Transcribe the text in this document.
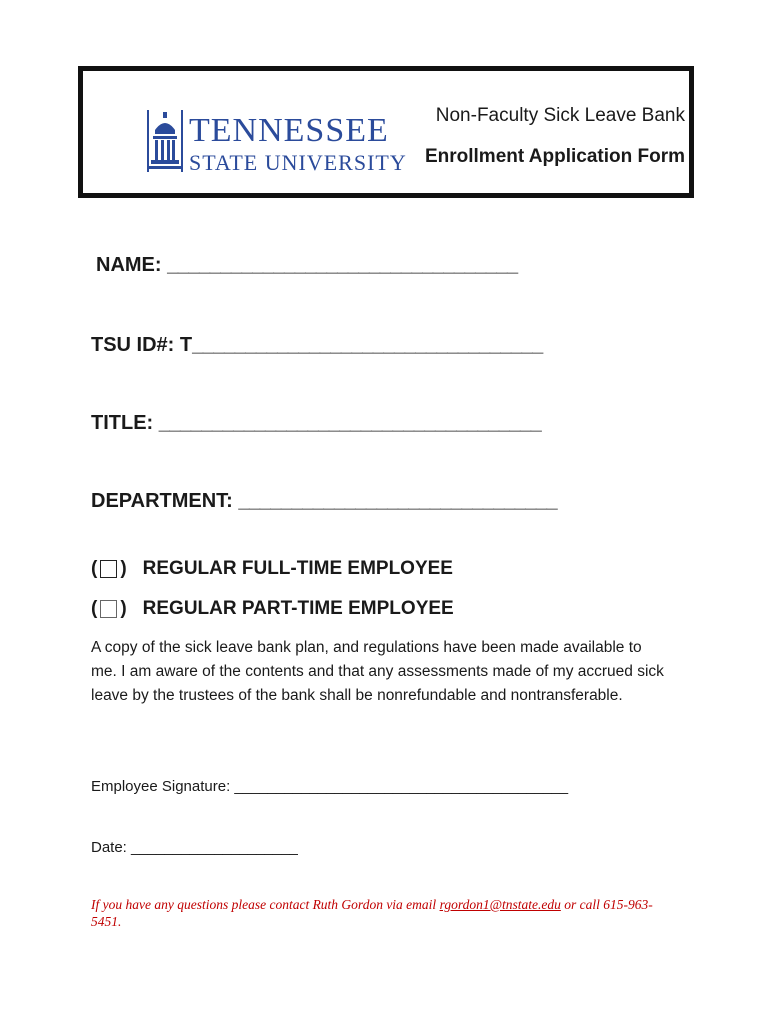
TENNESSEE
STATE UNIVERSITY
Non-Faculty Sick Leave Bank
Enrollment Application Form
NAME: _________________________________
TSU ID#: T_________________________________
TITLE: ____________________________________
DEPARTMENT: ______________________________
( ) REGULAR FULL-TIME EMPLOYEE
( ) REGULAR PART-TIME EMPLOYEE
A copy of the sick leave bank plan, and regulations have been made available to me. I am aware of the contents and that any assessments made of my accrued sick leave by the trustees of the bank shall be nonrefundable and nontransferable.
Employee Signature: ________________________________________
Date: ____________________
If you have any questions please contact Ruth Gordon via email rgordon1@tnstate.edu or call 615-963-5451.
